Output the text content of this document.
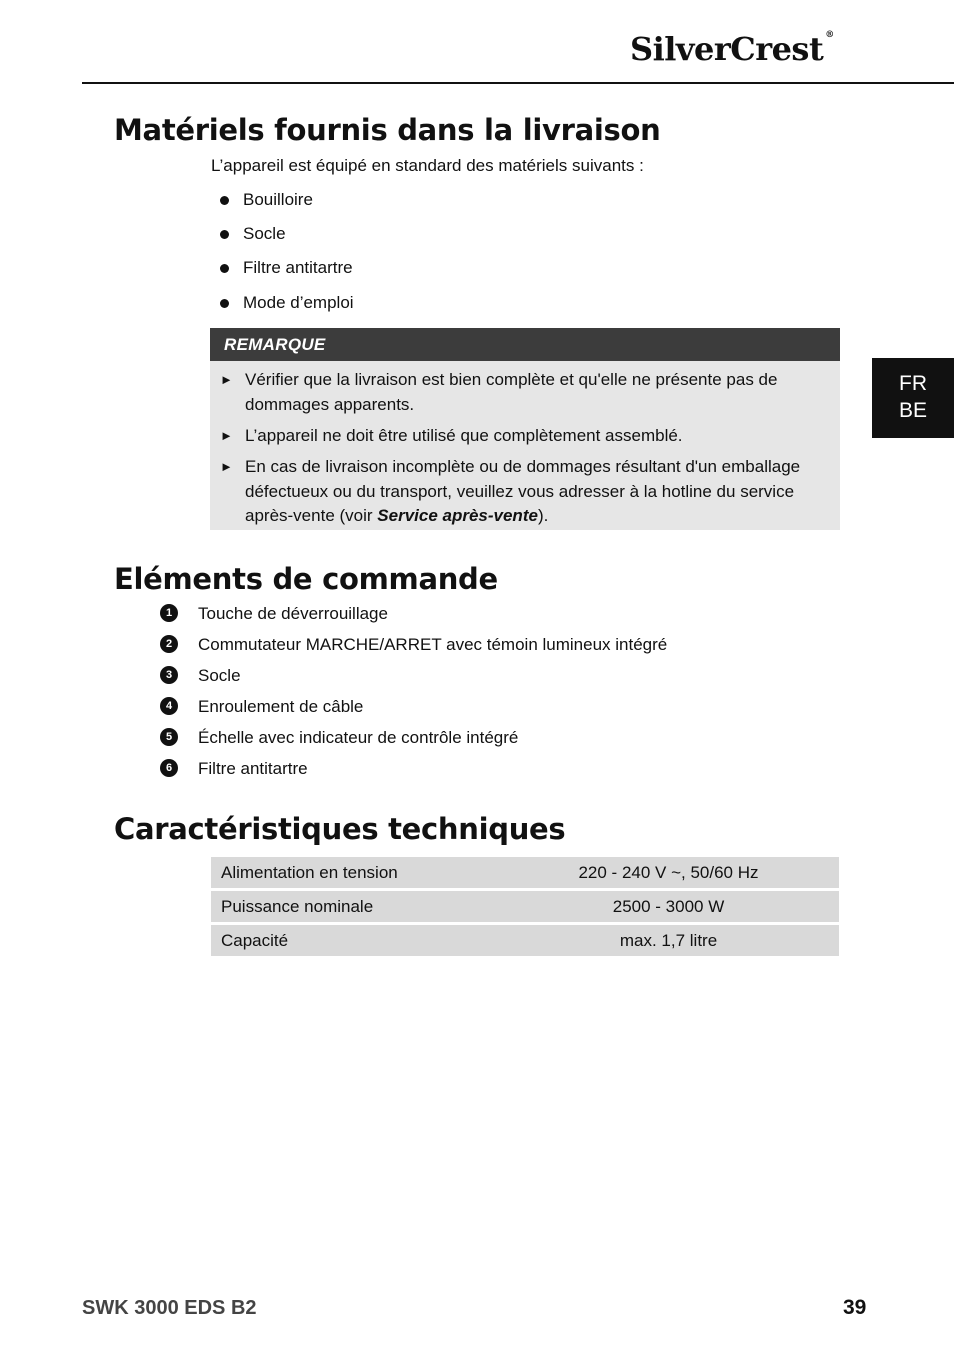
SilverCrest ®
FR
BE
Matériels fournis dans la livraison
L’appareil est équipé en standard des matériels suivants :
Bouilloire
Socle
Filtre antitartre
Mode d’emploi
REMARQUE
► Vérifier que la livraison est bien complète et qu'elle ne présente pas de dommages apparents.
► L’appareil ne doit être utilisé que complètement assemblé.
► En cas de livraison incomplète ou de dommages résultant d'un emballage défectueux ou du transport, veuillez vous adresser à la hotline du service après-vente (voir Service après-vente).
Eléments de commande
1	Touche de déverrouillage
2	Commutateur MARCHE/ARRET avec témoin lumineux intégré
3	Socle
4	Enroulement de câble
5	Échelle avec indicateur de contrôle intégré
6	Filtre antitartre
Caractéristiques techniques
Alimentation en tension	220 - 240 V ~, 50/60 Hz
Puissance nominale	2500 - 3000 W
Capacité	max. 1,7 litre
SWK 3000 EDS B2	39
